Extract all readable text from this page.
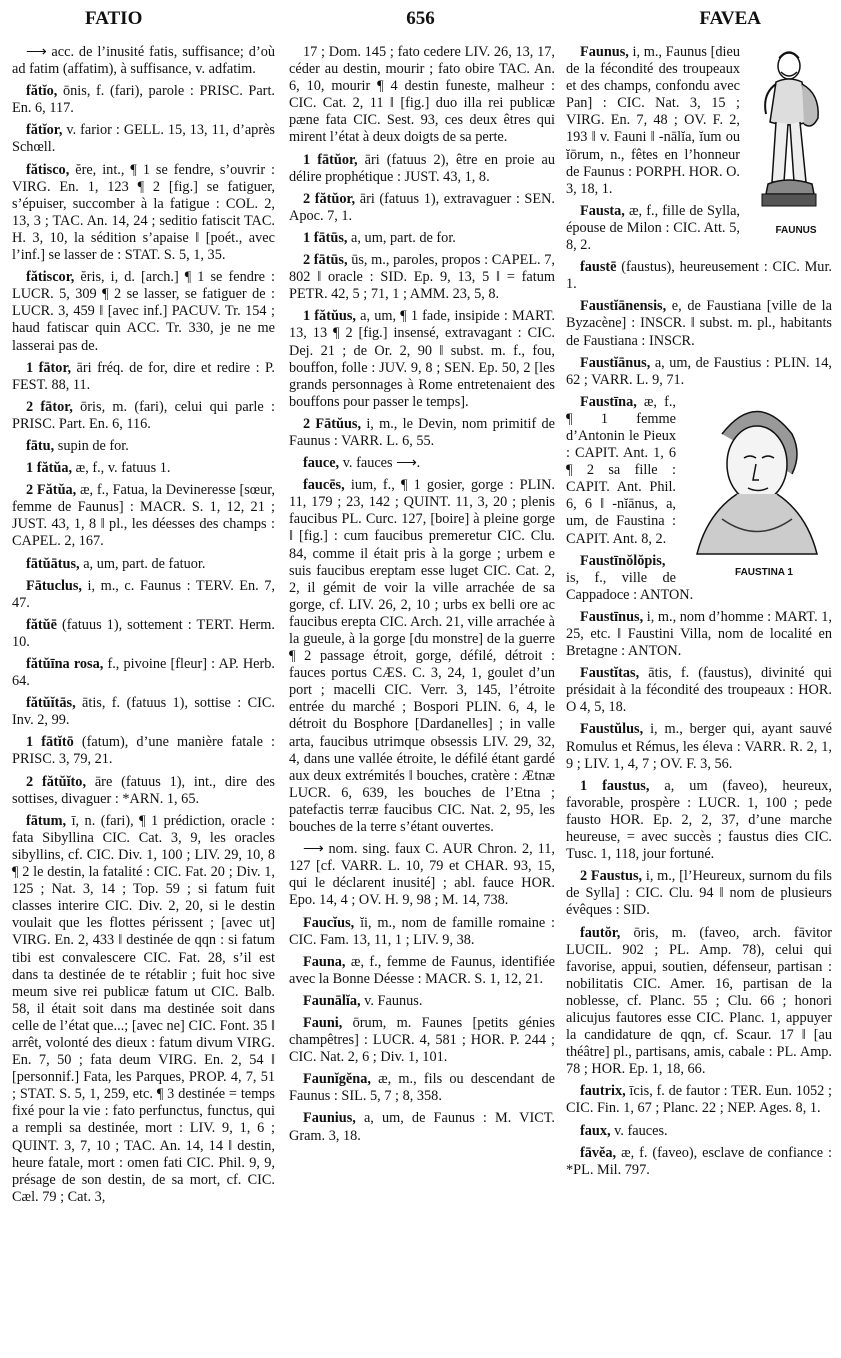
FATIO	656	FAVEA

⟶ acc. de l’inusité fatis, suffisance; d’où ad fatim (affatim), à suffisance, v. adfatim.

fătĭo, ōnis, f. (fari), parole : PRISC. Part. En. 6, 117.

fătĭor, v. farior : GELL. 15, 13, 11, d’après Schœll.

fătisco, ĕre, int., ¶ 1 se fendre, s’ouvrir : VIRG. En. 1, 123 ¶ 2 [fig.] se fatiguer, s’épuiser, succomber à la fatigue : COL. 2, 13, 3 ; TAC. An. 14, 24 ; seditio fatiscit TAC. H. 3, 10, la sédition s’apaise ‖ [poét., avec l’inf.] se lasser de : STAT. S. 5, 1, 35.

fătiscor, ĕris, i, d. [arch.] ¶ 1 se fendre : LUCR. 5, 309 ¶ 2 se lasser, se fatiguer de : LUCR. 3, 459 ‖ [avec inf.] PACUV. Tr. 154 ; haud fatiscar quin ACC. Tr. 330, je ne me lasserai pas de.

1 fātor, āri fréq. de for, dire et redire : P. FEST. 88, 11.

2 fātor, ōris, m. (fari), celui qui parle : PRISC. Part. En. 6, 116.

fātu, supin de for.

1 fătŭa, æ, f., v. fatuus 1.

2 Fătŭa, æ, f., Fatua, la Devineresse [sœur, femme de Faunus] : MACR. S. 1, 12, 21 ; JUST. 43, 1, 8 ‖ pl., les déesses des champs : CAPEL. 2, 167.

fātŭātus, a, um, part. de fatuor.

Fātuclus, i, m., c. Faunus : TERV. En. 7, 47.

fătŭē (fatuus 1), sottement : TERT. Herm. 10.

fătŭīna rosa, f., pivoine [fleur] : AP. Herb. 64.

fătŭĭtās, ātis, f. (fatuus 1), sottise : CIC. Inv. 2, 99.

1 fātĭtō (fatum), d’une manière fatale : PRISC. 3, 79, 21.

2 fătŭĭto, āre (fatuus 1), int., dire des sottises, divaguer : *ARN. 1, 65.

fātum, ī, n. (fari), ¶ 1 prédiction, oracle : fata Sibyllina CIC. Cat. 3, 9, les oracles sibyllins, cf. CIC. Div. 1, 100 ; LIV. 29, 10, 8 ¶ 2 le destin, la fatalité : CIC. Fat. 20 ; Div. 1, 125 ; Nat. 3, 14 ; Top. 59 ; si fatum fuit classes interire CIC. Div. 2, 20, si le destin voulait que les flottes périssent ; [avec ut] VIRG. En. 2, 433 ‖ destinée de qqn : si fatum tibi est convalescere CIC. Fat. 28, s’il est dans ta destinée de te rétablir ; fuit hoc sive meum sive rei publicæ fatum ut CIC. Balb. 58, il était soit dans ma destinée soit dans celle de l’état que...; [avec ne] CIC. Font. 35 ‖ arrêt, volonté des dieux : fatum divum VIRG. En. 7, 50 ; fata deum VIRG. En. 2, 54 ‖ [personnif.] Fata, les Parques, PROP. 4, 7, 51 ; STAT. S. 5, 1, 259, etc. ¶ 3 destinée = temps fixé pour la vie : fato perfunctus, functus, qui a rempli sa destinée, mort : LIV. 9, 1, 6 ; QUINT. 3, 7, 10 ; TAC. An. 14, 14 ‖ destin, heure fatale, mort : omen fati CIC. Phil. 9, 9, présage de son destin, de sa mort, cf. CIC. Cæl. 79 ; Cat. 3,

17 ; Dom. 145 ; fato cedere LIV. 26, 13, 17, céder au destin, mourir ; fato obire TAC. An. 6, 10, mourir ¶ 4 destin funeste, malheur : CIC. Cat. 2, 11 ‖ [fig.] duo illa rei publicæ pæne fata CIC. Sest. 93, ces deux êtres qui mirent l’état à deux doigts de sa perte.

1 fātŭor, āri (fatuus 2), être en proie au délire prophétique : JUST. 43, 1, 8.

2 fătŭor, āri (fatuus 1), extravaguer : SEN. Apoc. 7, 1.

1 fātūs, a, um, part. de for.

2 fātūs, ūs, m., paroles, propos : CAPEL. 7, 802 ‖ oracle : SID. Ep. 9, 13, 5 ‖ = fatum PETR. 42, 5 ; 71, 1 ; AMM. 23, 5, 8.

1 fătŭus, a, um, ¶ 1 fade, insipide : MART. 13, 13 ¶ 2 [fig.] insensé, extravagant : CIC. Dej. 21 ; de Or. 2, 90 ‖ subst. m. f., fou, bouffon, folle : JUV. 9, 8 ; SEN. Ep. 50, 2 [les grands personnages à Rome entretenaient des bouffons pour passer le temps].

2 Fātŭus, i, m., le Devin, nom primitif de Faunus : VARR. L. 6, 55.

fauce, v. fauces ⟶.

faucēs, ium, f., ¶ 1 gosier, gorge : PLIN. 11, 179 ; 23, 142 ; QUINT. 11, 3, 20 ; plenis faucibus PL. Curc. 127, [boire] à pleine gorge ‖ [fig.] : cum faucibus premeretur CIC. Clu. 84, comme il était pris à la gorge ; urbem e suis faucibus ereptam esse luget CIC. Cat. 2, 2, il gémit de voir la ville arrachée de sa gorge, cf. LIV. 26, 2, 10 ; urbs ex belli ore ac faucibus erepta CIC. Arch. 21, ville arrachée à la gueule, à la gorge [du monstre] de la guerre ¶ 2 passage étroit, gorge, défilé, détroit : fauces portus CÆS. C. 3, 24, 1, goulet d’un port ; macelli CIC. Verr. 3, 145, l’étroite entrée du marché ; Bospori PLIN. 6, 4, le détroit du Bosphore [Dardanelles] ; in valle arta, faucibus utrimque obsessis LIV. 29, 32, 4, dans une vallée étroite, le défilé étant gardé aux deux extrémités ‖ bouches, cratère : Ætnæ LUCR. 6, 639, les bouches de l’Etna ; patefactis terræ faucibus CIC. Nat. 2, 95, les bouches de la terre s’étant ouvertes.

⟶ nom. sing. faux C. AUR Chron. 2, 11, 127 [cf. VARR. L. 10, 79 et CHAR. 93, 15, qui le déclarent inusité] ; abl. fauce HOR. Epo. 14, 4 ; OV. H. 9, 98 ; M. 14, 738.

Faucĭus, ĭi, m., nom de famille romaine : CIC. Fam. 13, 11, 1 ; LIV. 9, 38.

Fauna, æ, f., femme de Faunus, identifiée avec la Bonne Déesse : MACR. S. 1, 12, 21.

Faunālĭa, v. Faunus.

Fauni, ōrum, m. Faunes [petits génies champêtres] : LUCR. 4, 581 ; HOR. P. 244 ; CIC. Nat. 2, 6 ; Div. 1, 101.

Faunĭgĕna, æ, m., fils ou descendant de Faunus : SIL. 5, 7 ; 8, 358.

Faunius, a, um, de Faunus : M. VICT. Gram. 3, 18.

FAUNUS
Faunus, i, m., Faunus [dieu de la fécondité des troupeaux et des champs, confondu avec Pan] : CIC. Nat. 3, 15 ; VIRG. En. 7, 48 ; OV. F. 2, 193 ‖ v. Fauni ‖ -nālĭa, ĭum ou ĭōrum, n., fêtes en l’honneur de Faunus : PORPH. HOR. O. 3, 18, 1.

Fausta, æ, f., fille de Sylla, épouse de Milon : CIC. Att. 5, 8, 2.

faustē (faustus), heureusement : CIC. Mur. 1.

Faustĭānensis, e, de Faustiana [ville de la Byzacène] : INSCR. ‖ subst. m. pl., habitants de Faustiana : INSCR.

Faustĭānus, a, um, de Faustius : PLIN. 14, 62 ; VARR. L. 9, 71.

FAUSTINA 1
Faustīna, æ, f., ¶ 1 femme d’Antonin le Pieux : CAPIT. Ant. 1, 6 ¶ 2 sa fille : CAPIT. Ant. Phil. 6, 6 ‖ -nĭānus, a, um, de Faustina : CAPIT. Ant. 8, 2.

Faustīnŏlŏpis, is, f., ville de Cappadoce : ANTON.

Faustīnus, i, m., nom d’homme : MART. 1, 25, etc. ‖ Faustini Villa, nom de localité en Bretagne : ANTON.

Faustĭtas, ātis, f. (faustus), divinité qui présidait à la fécondité des troupeaux : HOR. O 4, 5, 18.

Faustŭlus, i, m., berger qui, ayant sauvé Romulus et Rémus, les éleva : VARR. R. 2, 1, 9 ; LIV. 1, 4, 7 ; OV. F. 3, 56.

1 faustus, a, um (faveo), heureux, favorable, prospère : LUCR. 1, 100 ; pede fausto HOR. Ep. 2, 2, 37, d’une marche heureuse, = avec succès ; faustus dies CIC. Tusc. 1, 118, jour fortuné.

2 Faustus, i, m., [l’Heureux, surnom du fils de Sylla] : CIC. Clu. 94 ‖ nom de plusieurs évêques : SID.

fautŏr, ōris, m. (faveo, arch. fāvitor LUCIL. 902 ; PL. Amp. 78), celui qui favorise, appui, soutien, défenseur, partisan : nobilitatis CIC. Amer. 16, partisan de la noblesse, cf. Planc. 55 ; Clu. 66 ; honori alicujus fautores esse CIC. Planc. 1, appuyer la candidature de qqn, cf. Scaur. 17 ‖ [au théâtre] pl., partisans, amis, cabale : PL. Amp. 78 ; HOR. Ep. 1, 18, 66.

fautrix, īcis, f. de fautor : TER. Eun. 1052 ; CIC. Fin. 1, 67 ; Planc. 22 ; NEP. Ages. 8, 1.

faux, v. fauces.

fāvĕa, æ, f. (faveo), esclave de confiance : *PL. Mil. 797.
